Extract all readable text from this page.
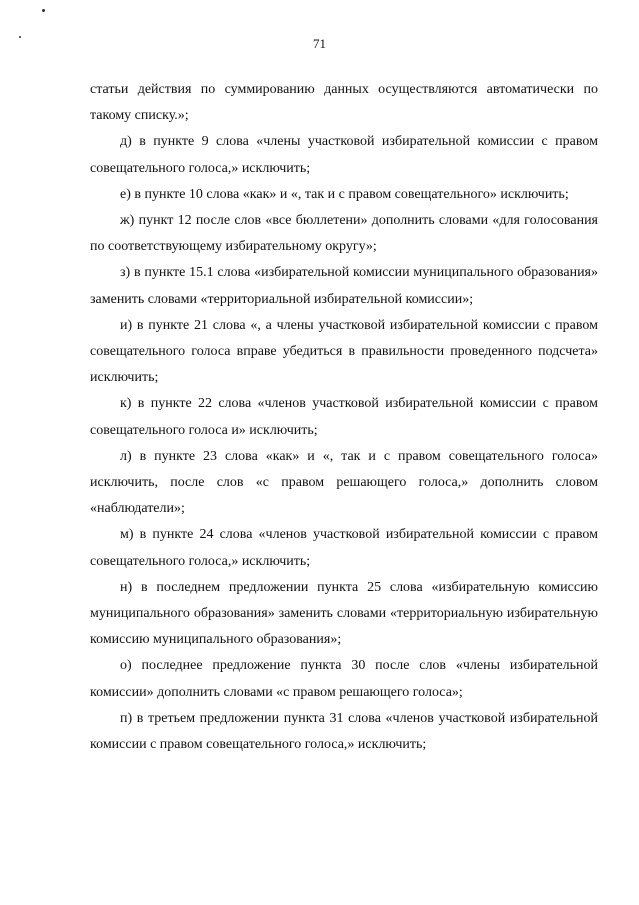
71

статьи действия по суммированию данных осуществляются автоматически по такому списку.»;

д) в пункте 9 слова «члены участковой избирательной комиссии с правом совещательного голоса,» исключить;

е) в пункте 10 слова «как» и «, так и с правом совещательного» исключить;

ж) пункт 12 после слов «все бюллетени» дополнить словами «для голосования по соответствующему избирательному округу»;

з) в пункте 15.1 слова «избирательной комиссии муниципального образования» заменить словами «территориальной избирательной комиссии»;

и) в пункте 21 слова «, а члены участковой избирательной комиссии с правом совещательного голоса вправе убедиться в правильности проведенного подсчета» исключить;

к) в пункте 22 слова «членов участковой избирательной комиссии с правом совещательного голоса и» исключить;

л) в пункте 23 слова «как» и «, так и с правом совещательного голоса» исключить, после слов «с правом решающего голоса,» дополнить словом «наблюдатели»;

м) в пункте 24 слова «членов участковой избирательной комиссии с правом совещательного голоса,» исключить;

н) в последнем предложении пункта 25 слова «избирательную комиссию муниципального образования» заменить словами «территориальную избирательную комиссию муниципального образования»;

о) последнее предложение пункта 30 после слов «члены избирательной комиссии» дополнить словами «с правом решающего голоса»;

п) в третьем предложении пункта 31 слова «членов участковой избирательной комиссии с правом совещательного голоса,» исключить;
